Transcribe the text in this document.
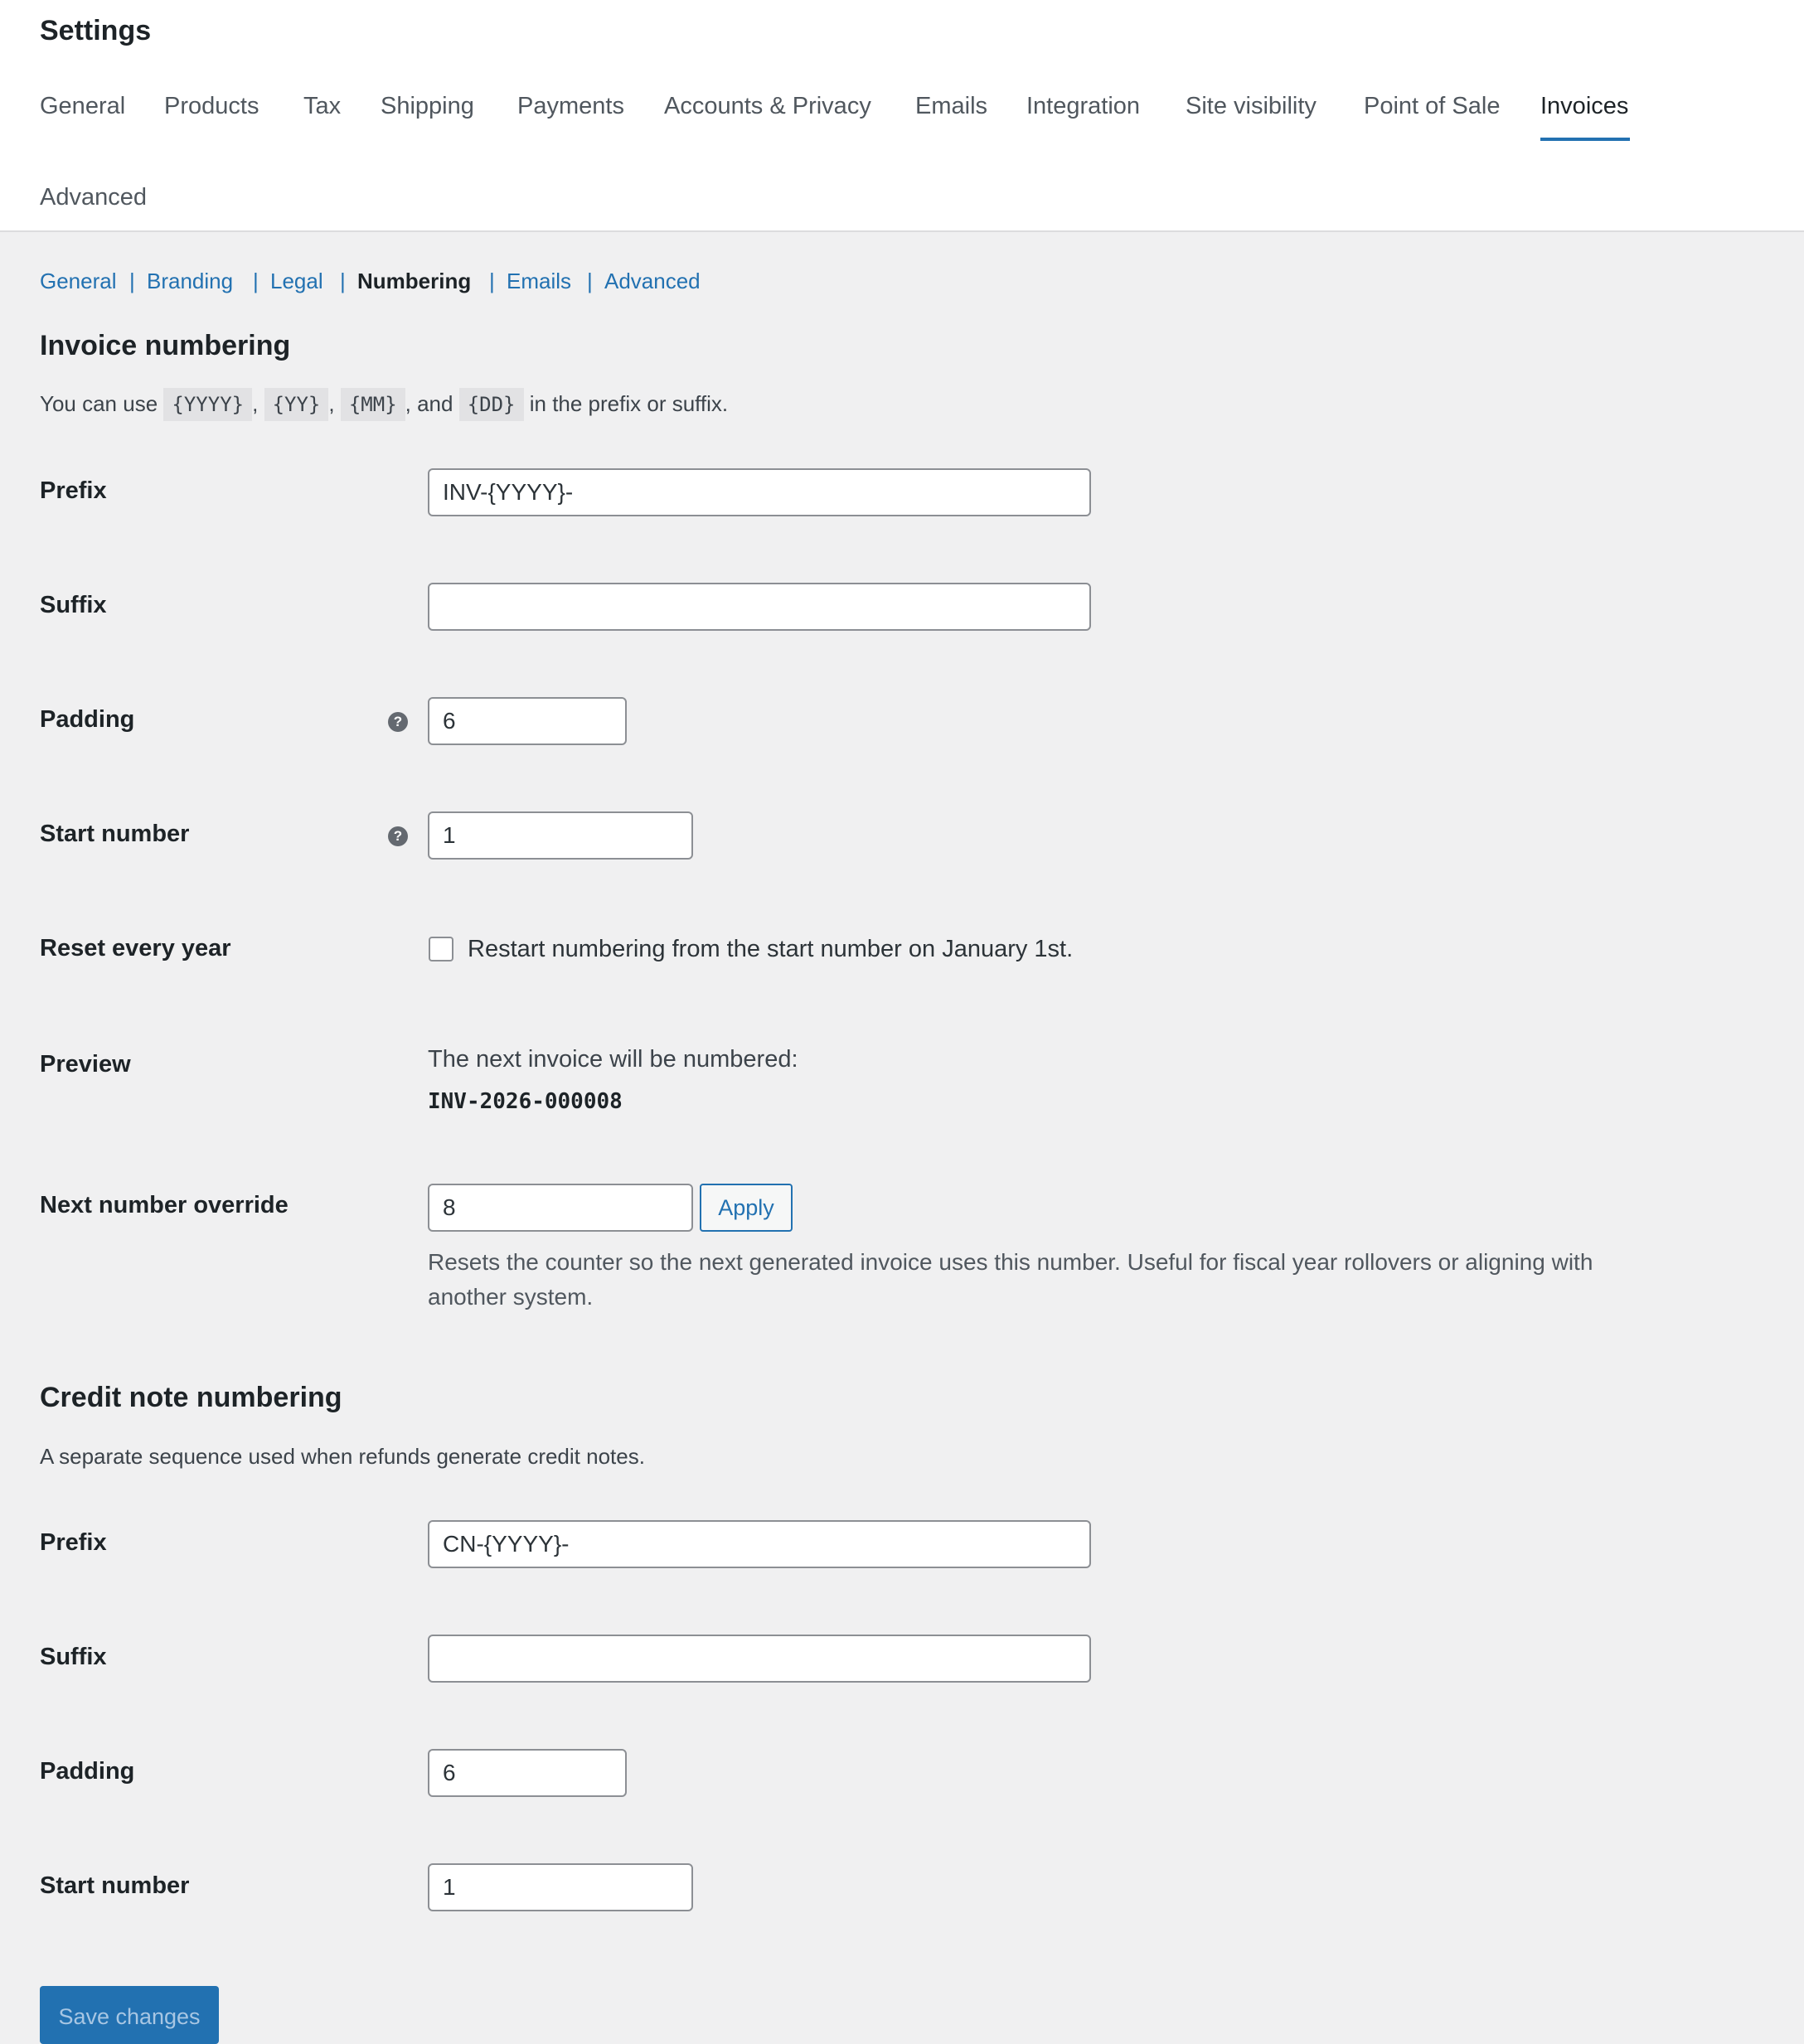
Settings
General Products Tax Shipping Payments Accounts & Privacy Emails Integration Site visibility Point of Sale Invoices
Advanced
General | Branding | Legal | Numbering | Emails | Advanced
Invoice numbering
You can use {YYYY} , {YY} , {MM} , and {DD} in the prefix or suffix.
Prefix	INV-{YYYY}-
Suffix
Padding	?	6
Start number	?	1
Reset every year	Restart numbering from the start number on January 1st.
Preview	The next invoice will be numbered:
INV-2026-000008
Next number override	8	Apply
Resets the counter so the next generated invoice uses this number. Useful for fiscal year rollovers or aligning with another system.
Credit note numbering
A separate sequence used when refunds generate credit notes.
Prefix	CN-{YYYY}-
Suffix
Padding	6
Start number	1
Save changes
